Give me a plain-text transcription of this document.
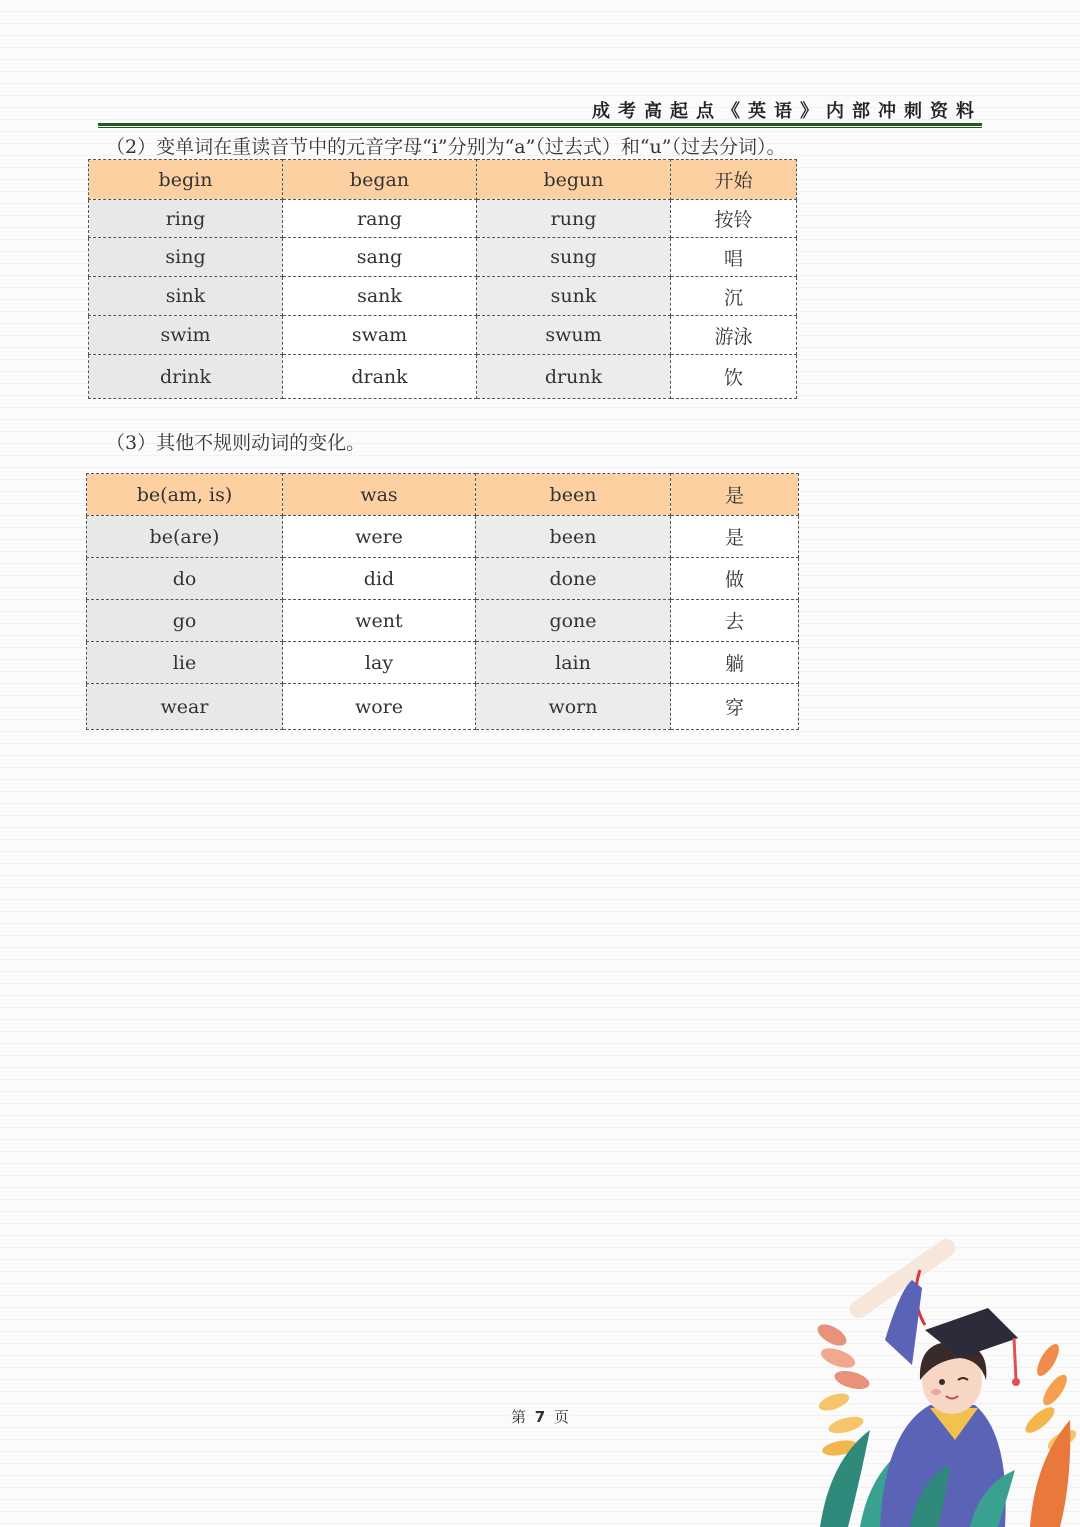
成考高起点《英语》内部冲刺资料
（2）变单词在重读音节中的元音字母“i”分别为“a”（过去式）和“u”（过去分词）。
begin	began	begun	开始
ring	rang	rung	按铃
sing	sang	sung	唱
sink	sank	sunk	沉
swim	swam	swum	游泳
drink	drank	drunk	饮
（3）其他不规则动词的变化。
be(am, is)	was	been	是
be(are)	were	been	是
do	did	done	做
go	went	gone	去
lie	lay	lain	躺
wear	wore	worn	穿
第 7 页
